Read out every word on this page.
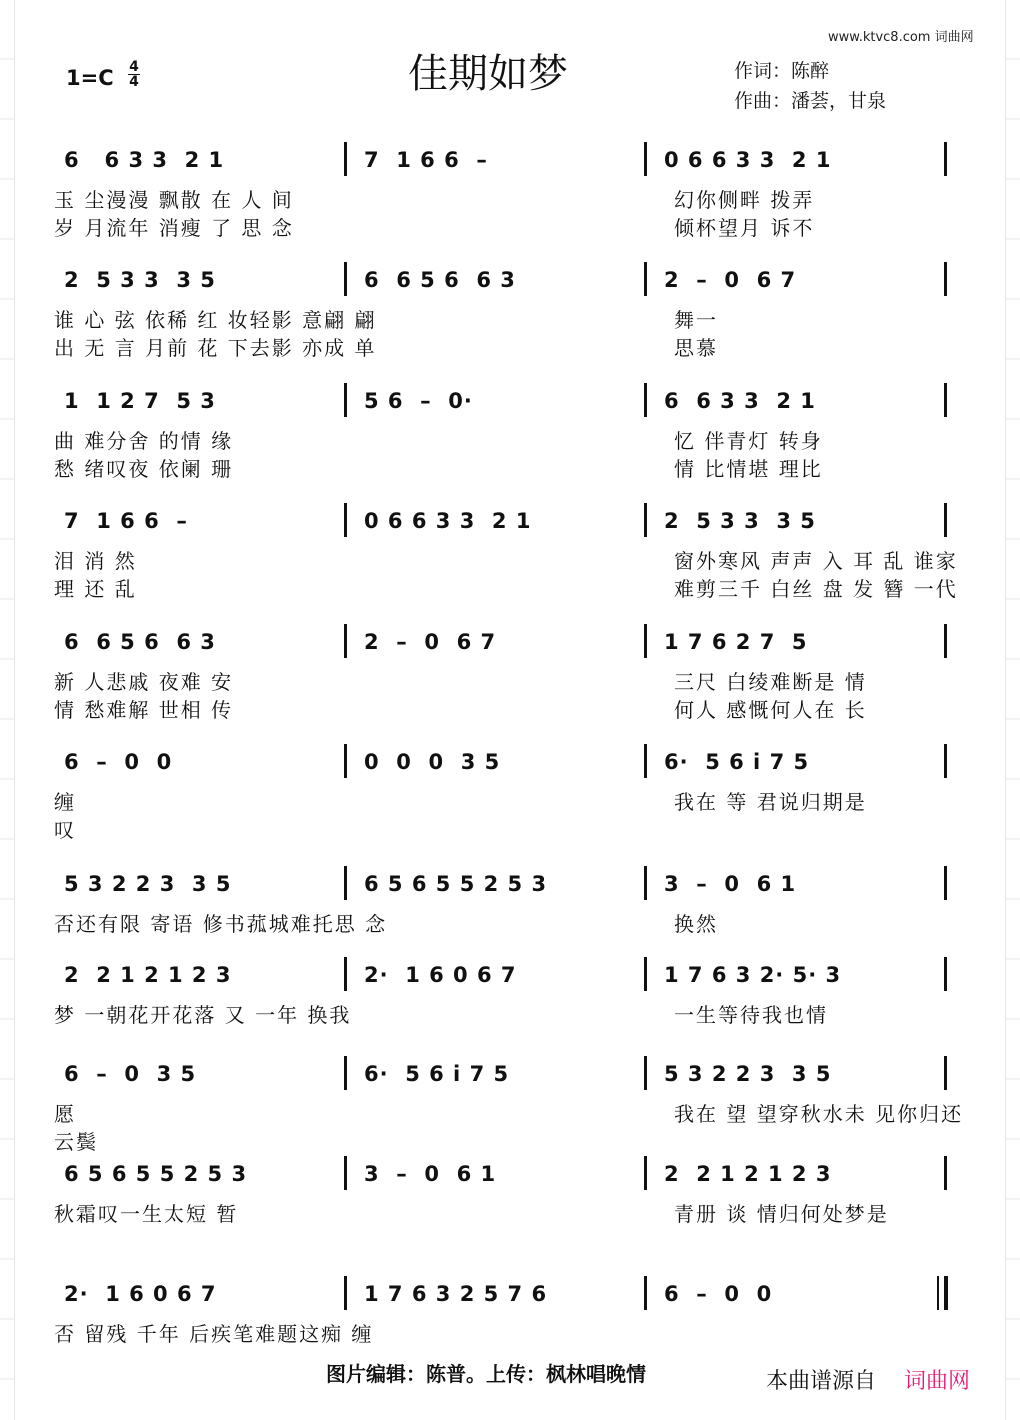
www.ktvc8.com 词曲网
1=C 4
4	佳期如梦	作词：陈醉
作曲：潘荟，甘泉
6   6 3 3  2 1	7  1 6 6  –	0 6 6 3 3  2 1
玉 尘漫漫 飘散 在 人 间	幻你侧畔 拨弄
岁 月流年 消瘦 了 思 念	倾杯望月 诉不
2  5 3 3  3 5	6  6 5 6  6 3	2  –  0  6 7
谁 心 弦 依稀 红 妆轻影 意翩 翩	舞一
出 无 言 月前 花 下去影 亦成 单	思慕
1  1 2 7  5 3	5 6  –  0·	6  6 3 3  2 1
曲 难分舍 的情 缘	忆 伴青灯 转身
愁 绪叹夜 依阑 珊	情 比情堪 理比
7  1 6 6  –	0 6 6 3 3  2 1	2  5 3 3  3 5
泪 消 然	窗外寒风 声声 入 耳 乱 谁家
理 还 乱	难剪三千 白丝 盘 发 簪 一代
6  6 5 6  6 3	2  –  0  6 7	1 7 6 2 7  5
新 人悲戚 夜难 安	三尺 白绫难断是 情
情 愁难解 世相 传	何人 感慨何人在 长
6  –  0  0	0  0  0  3 5	6·  5 6 i 7 5
缠	我在 等 君说归期是
叹
5 3 2 2 3  3 5	6 5 6 5 5 2 5 3	3  –  0  6 1
否还有限 寄语 修书菰城难托思 念	换然
2  2 1 2 1 2 3	2·  1 6 0 6 7	1 7 6 3 2· 5· 3
梦 一朝花开花落 又 一年 换我	一生等待我也情
6  –  0  3 5	6·  5 6 i 7 5	5 3 2 2 3  3 5
愿	我在 望 望穿秋水未 见你归还
云鬓
6 5 6 5 5 2 5 3	3  –  0  6 1	2  2 1 2 1 2 3
秋霜叹一生太短 暂	青册 谈 情归何处梦是
2·  1 6 0 6 7	1 7 6 3 2 5 7 6	6  –  0  0
否 留残 千年 后疾笔难题这痴 缠
图片编辑：陈普。上传：枫林唱晚情	本曲谱源自 词曲网
